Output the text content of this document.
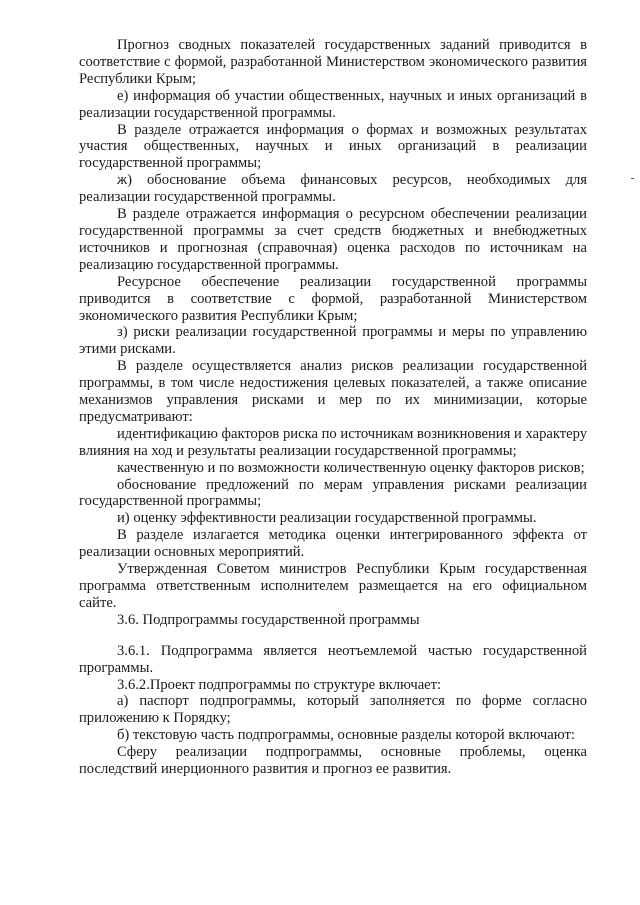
Прогноз сводных показателей государственных заданий приводится в соответствие с формой, разработанной Министерством экономического развития Республики Крым;

е) информация об участии общественных, научных и иных организаций в реализации государственной программы.

В разделе отражается информация о формах и возможных результатах участия общественных, научных и иных организаций в реализации государственной программы;

ж) обоснование объема финансовых ресурсов, необходимых для реализации государственной программы.

В разделе отражается информация о ресурсном обеспечении реализации государственной программы за счет средств бюджетных и внебюджетных источников и прогнозная (справочная) оценка расходов по источникам на реализацию государственной программы.

Ресурсное обеспечение реализации государственной программы приводится в соответствие с формой, разработанной Министерством экономического развития Республики Крым;

з) риски реализации государственной программы и меры по управлению этими рисками.

В разделе осуществляется анализ рисков реализации государственной программы, в том числе недостижения целевых показателей, а также описание механизмов управления рисками и мер по их минимизации, которые предусматривают:

идентификацию факторов риска по источникам возникновения и характеру влияния на ход и результаты реализации государственной программы;

качественную и по возможности количественную оценку факторов рисков;

обоснование предложений по мерам управления рисками реализации государственной программы;

и) оценку эффективности реализации государственной программы.

В разделе излагается методика оценки интегрированного эффекта от реализации основных мероприятий.

Утвержденная Советом министров Республики Крым государственная программа ответственным исполнителем размещается на его официальном сайте.

3.6. Подпрограммы государственной программы

3.6.1. Подпрограмма является неотъемлемой частью государственной программы.

3.6.2.Проект подпрограммы по структуре включает:

а) паспорт подпрограммы, который заполняется по форме согласно приложению к Порядку;

б) текстовую часть подпрограммы, основные разделы которой включают:

Сферу реализации подпрограммы, основные проблемы, оценка последствий инерционного развития и прогноз ее развития.
